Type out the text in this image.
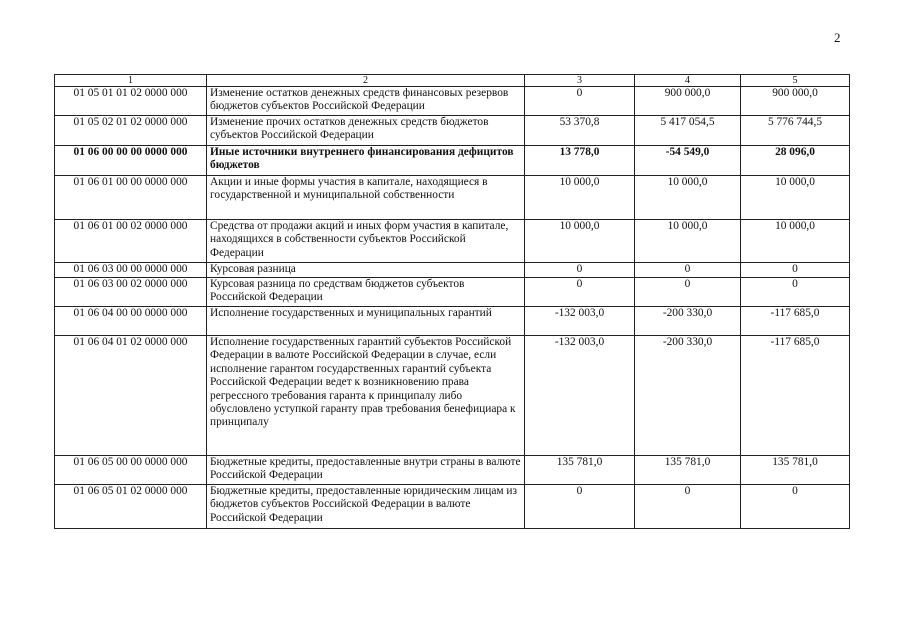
2
1	2	3	4	5
01 05 01 01 02 0000 000	Изменение остатков денежных средств финансовых резервов бюджетов субъектов Российской Федерации	0	900 000,0	900 000,0
01 05 02 01 02 0000 000	Изменение прочих остатков денежных средств бюджетов субъектов Российской Федерации	53 370,8	5 417 054,5	5 776 744,5
01 06 00 00 00 0000 000	Иные источники внутреннего финансирования дефицитов бюджетов	13 778,0	-54 549,0	28 096,0
01 06 01 00 00 0000 000	Акции и иные формы участия в капитале, находящиеся в государственной и муниципальной собственности	10 000,0	10 000,0	10 000,0
01 06 01 00 02 0000 000	Средства от продажи акций и иных форм участия в капитале, находящихся в собственности субъектов Российской Федерации	10 000,0	10 000,0	10 000,0
01 06 03 00 00 0000 000	Курсовая разница	0	0	0
01 06 03 00 02 0000 000	Курсовая разница по средствам бюджетов субъектов Российской Федерации	0	0	0
01 06 04 00 00 0000 000	Исполнение государственных и муниципальных гарантий	-132 003,0	-200 330,0	-117 685,0
01 06 04 01 02 0000 000	Исполнение государственных гарантий субъектов Российской Федерации в валюте Российской Федерации в случае, если исполнение гарантом государственных гарантий субъекта Российской Федерации ведет к возникновению права регрессного требования гаранта к принципалу либо обусловлено уступкой гаранту прав требования бенефициара к принципалу	-132 003,0	-200 330,0	-117 685,0
01 06 05 00 00 0000 000	Бюджетные кредиты, предоставленные внутри страны в валюте Российской Федерации	135 781,0	135 781,0	135 781,0
01 06 05 01 02 0000 000	Бюджетные кредиты, предоставленные юридическим лицам из бюджетов субъектов Российской Федерации в валюте Российской Федерации	0	0	0
